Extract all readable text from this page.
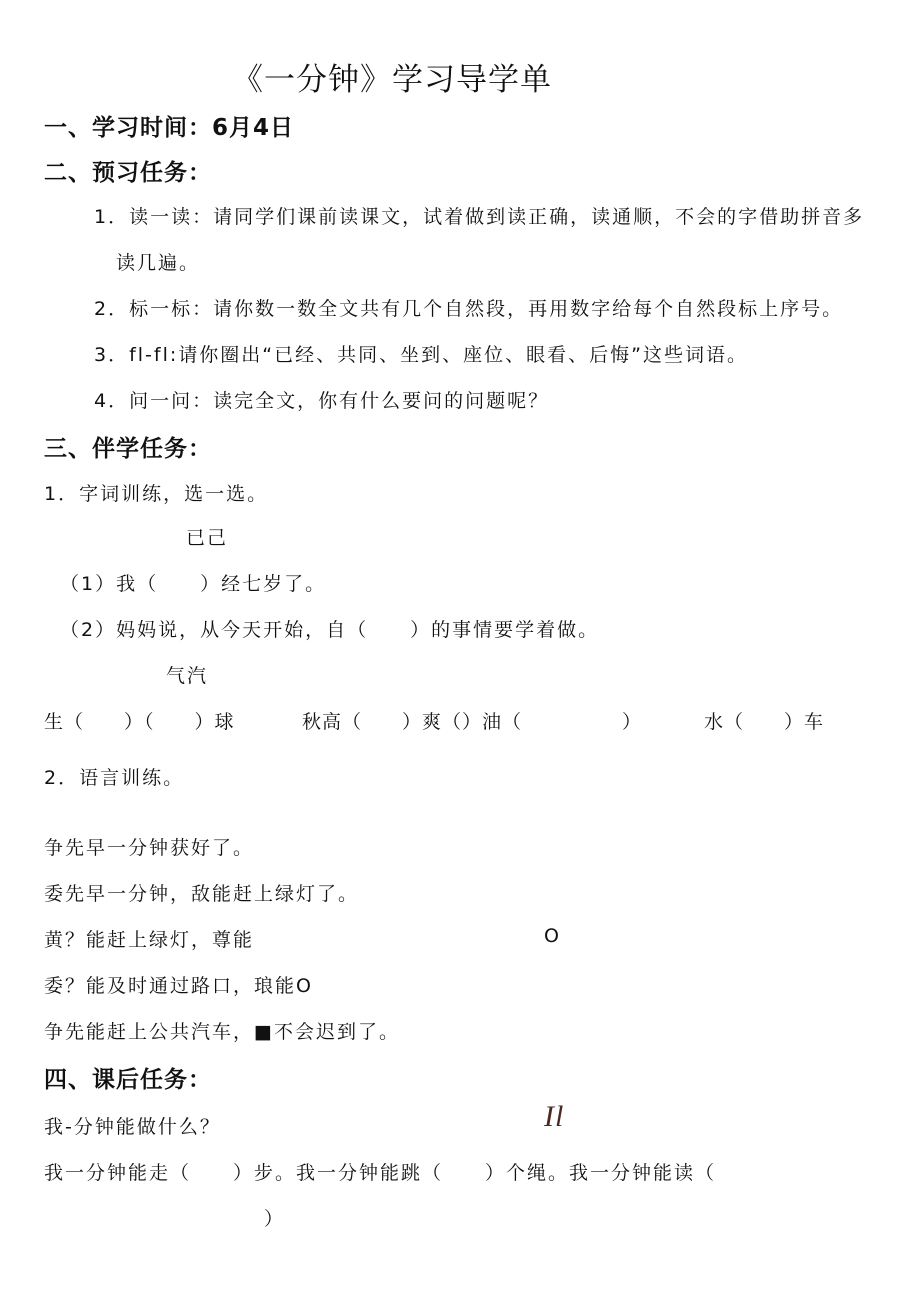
《一分钟》学习导学单
一、学习时间：6月4日
二、预习任务：
1．读一读：请同学们课前读课文，试着做到读正确，读通顺，不会的字借助拼音多
读几遍。
2．标一标：请你数一数全文共有几个自然段，再用数字给每个自然段标上序号。
3．fl-fl:请你圈出“已经、共同、坐到、座位、眼看、后悔”这些词语。
4．问一问：读完全文，你有什么要问的问题呢？
三、伴学任务：
1．字词训练，选一选。
已己
（1）我（　　）经七岁了。
（2）妈妈说，从今天开始，自（　　）的事情要学着做。
气汽
生（　　）（　　）球	秋高（　　）爽 （）油（　　　　　）	水（　　）车
2．语言训练。
争先早一分钟获好了。
委先早一分钟，敌能赶上绿灯了。
黄？能赶上绿灯，尊能	O
委？能及时通过路口，琅能O
争先能赶上公共汽车，■不会迟到了。
四、课后任务：
我-分钟能做什么？	Il
我一分钟能走（　　）步。我一分钟能跳（　　）个绳。我一分钟能读（
）
